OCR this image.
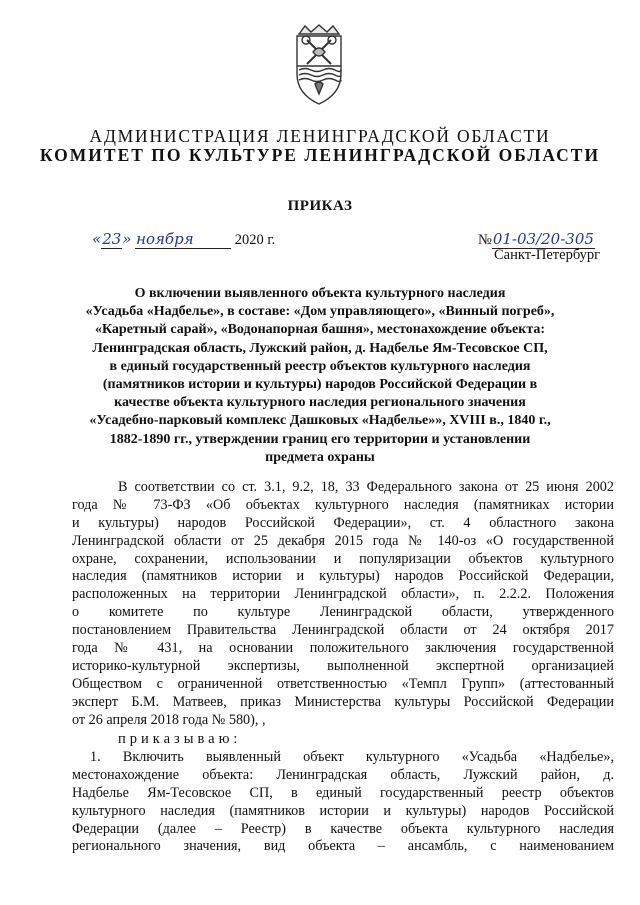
АДМИНИСТРАЦИЯ ЛЕНИНГРАДСКОЙ ОБЛАСТИ
КОМИТЕТ ПО КУЛЬТУРЕ ЛЕНИНГРАДСКОЙ ОБЛАСТИ
ПРИКАЗ
«23» ноября	2020 г.	№01-03/20-305
Санкт-Петербург
О включении выявленного объекта культурного наследия
«Усадьба «Надбелье», в составе: «Дом управляющего», «Винный погреб»,
«Каретный сарай», «Водонапорная башня», местонахождение объекта:
Ленинградская область, Лужский район, д. Надбелье Ям-Тесовское СП,
в единый государственный реестр объектов культурного наследия
(памятников истории и культуры) народов Российской Федерации в
качестве объекта культурного наследия регионального значения
«Усадебно-парковый комплекс Дашковых «Надбелье»», XVIII в., 1840 г.,
1882-1890 гг., утверждении границ его территории и установлении
предмета охраны
В соответствии со ст. 3.1, 9.2, 18, 33 Федерального закона от 25 июня 2002
года № 73-ФЗ «Об объектах культурного наследия (памятниках истории
и культуры) народов Российской Федерации», ст. 4 областного закона
Ленинградской области от 25 декабря 2015 года № 140-оз «О государственной
охране, сохранении, использовании и популяризации объектов культурного
наследия (памятников истории и культуры) народов Российской Федерации,
расположенных на территории Ленинградской области», п. 2.2.2. Положения
о комитете по культуре Ленинградской области, утвержденного
постановлением Правительства Ленинградской области от 24 октября 2017
года № 431, на основании положительного заключения государственной
историко-культурной экспертизы, выполненной экспертной организацией
Обществом с ограниченной ответственностью «Темпл Групп» (аттестованный
эксперт Б.М. Матвеев, приказ Министерства культуры Российской Федерации
от 26 апреля 2018 года № 580), ,
приказываю:
1. Включить выявленный объект культурного «Усадьба «Надбелье»,
местонахождение объекта: Ленинградская область, Лужский район, д.
Надбелье Ям-Тесовское СП, в единый государственный реестр объектов
культурного наследия (памятников истории и культуры) народов Российской
Федерации (далее – Реестр) в качестве объекта культурного наследия
регионального значения, вид объекта – ансамбль, с наименованием
